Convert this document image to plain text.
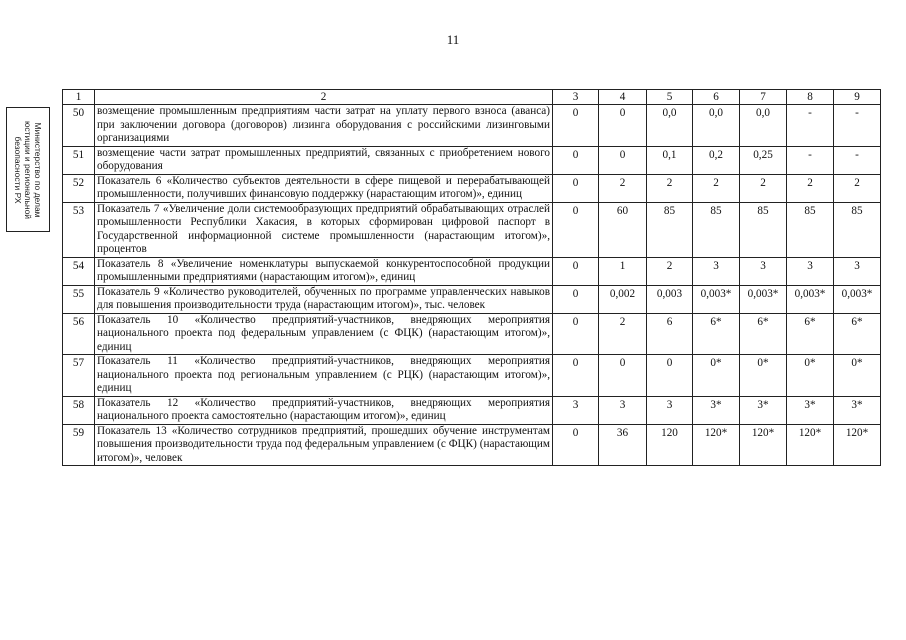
11
Министерство по делам
юстиции и региональной
безопасности РХ
1	2	3	4	5	6	7	8	9
50	возмещение промышленным предприятиям части затрат на уплату первого взноса (аванса) при заключении договора (договоров) лизинга оборудования с российскими лизинговыми организациями	0	0	0,0	0,0	0,0	-	-
51	возмещение части затрат промышленных предприятий, связанных с приобретением нового оборудования	0	0	0,1	0,2	0,25	-	-
52	Показатель 6 «Количество субъектов деятельности в сфере пищевой и перерабатывающей промышленности, получивших финансовую поддержку (нарастающим итогом)», единиц	0	2	2	2	2	2	2
53	Показатель 7 «Увеличение доли системообразующих предприятий обрабатывающих отраслей промышленности Республики Хакасия, в которых сформирован цифровой паспорт в Государственной информационной системе промышленности (нарастающим итогом)», процентов	0	60	85	85	85	85	85
54	Показатель 8 «Увеличение номенклатуры выпускаемой конкурентоспособной продукции промышленными предприятиями (нарастающим итогом)», единиц	0	1	2	3	3	3	3
55	Показатель 9 «Количество руководителей, обученных по программе управленческих навыков для повышения производительности труда (нарастающим итогом)», тыс. человек	0	0,002	0,003	0,003*	0,003*	0,003*	0,003*
56	Показатель 10 «Количество предприятий-участников, внедряющих мероприятия национального проекта под федеральным управлением (с ФЦК) (нарастающим итогом)», единиц	0	2	6	6*	6*	6*	6*
57	Показатель 11 «Количество предприятий-участников, внедряющих мероприятия национального проекта под региональным управлением (с РЦК) (нарастающим итогом)», единиц	0	0	0	0*	0*	0*	0*
58	Показатель 12 «Количество предприятий-участников, внедряющих мероприятия национального проекта самостоятельно (нарастающим итогом)», единиц	3	3	3	3*	3*	3*	3*
59	Показатель 13 «Количество сотрудников предприятий, прошедших обучение инструментам повышения производительности труда под федеральным управлением (с ФЦК) (нарастающим итогом)», человек	0	36	120	120*	120*	120*	120*
